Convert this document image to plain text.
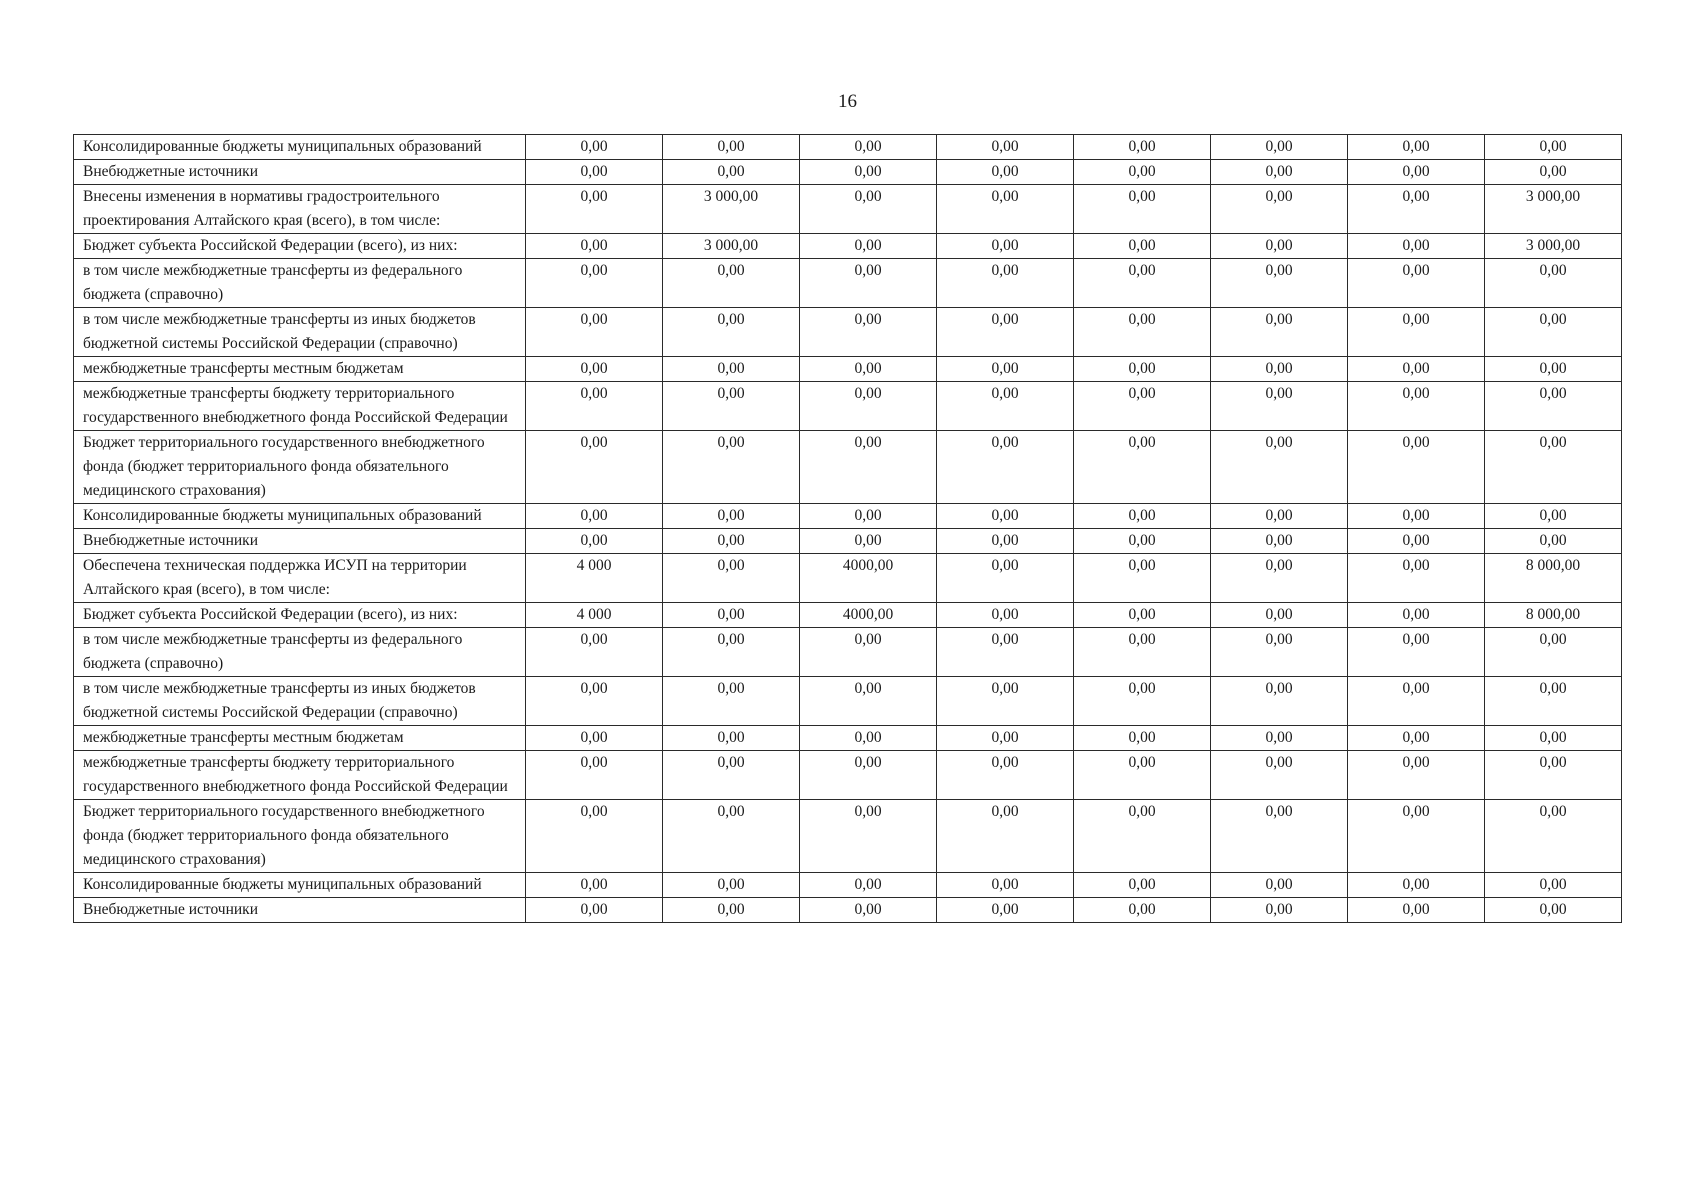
16
Консолидированные бюджеты муниципальных образований	0,00	0,00	0,00	0,00	0,00	0,00	0,00	0,00
Внебюджетные источники	0,00	0,00	0,00	0,00	0,00	0,00	0,00	0,00
Внесены изменения в нормативы градостроительного проектирования Алтайского края (всего), в том числе:	0,00	3 000,00	0,00	0,00	0,00	0,00	0,00	3 000,00
Бюджет субъекта Российской Федерации (всего), из них:	0,00	3 000,00	0,00	0,00	0,00	0,00	0,00	3 000,00
в том числе межбюджетные трансферты из федерального бюджета (справочно)	0,00	0,00	0,00	0,00	0,00	0,00	0,00	0,00
в том числе межбюджетные трансферты из иных бюджетов бюджетной системы Российской Федерации (справочно)	0,00	0,00	0,00	0,00	0,00	0,00	0,00	0,00
межбюджетные трансферты местным бюджетам	0,00	0,00	0,00	0,00	0,00	0,00	0,00	0,00
межбюджетные трансферты бюджету территориального государственного внебюджетного фонда Российской Федерации	0,00	0,00	0,00	0,00	0,00	0,00	0,00	0,00
Бюджет территориального государственного внебюджетного фонда (бюджет территориального фонда обязательного медицинского страхования)	0,00	0,00	0,00	0,00	0,00	0,00	0,00	0,00
Консолидированные бюджеты муниципальных образований	0,00	0,00	0,00	0,00	0,00	0,00	0,00	0,00
Внебюджетные источники	0,00	0,00	0,00	0,00	0,00	0,00	0,00	0,00
Обеспечена техническая поддержка ИСУП на территории Алтайского края (всего), в том числе:	4 000	0,00	4000,00	0,00	0,00	0,00	0,00	8 000,00
Бюджет субъекта Российской Федерации (всего), из них:	4 000	0,00	4000,00	0,00	0,00	0,00	0,00	8 000,00
в том числе межбюджетные трансферты из федерального бюджета (справочно)	0,00	0,00	0,00	0,00	0,00	0,00	0,00	0,00
в том числе межбюджетные трансферты из иных бюджетов бюджетной системы Российской Федерации (справочно)	0,00	0,00	0,00	0,00	0,00	0,00	0,00	0,00
межбюджетные трансферты местным бюджетам	0,00	0,00	0,00	0,00	0,00	0,00	0,00	0,00
межбюджетные трансферты бюджету территориального государственного внебюджетного фонда Российской Федерации	0,00	0,00	0,00	0,00	0,00	0,00	0,00	0,00
Бюджет территориального государственного внебюджетного фонда (бюджет территориального фонда обязательного медицинского страхования)	0,00	0,00	0,00	0,00	0,00	0,00	0,00	0,00
Консолидированные бюджеты муниципальных образований	0,00	0,00	0,00	0,00	0,00	0,00	0,00	0,00
Внебюджетные источники	0,00	0,00	0,00	0,00	0,00	0,00	0,00	0,00
